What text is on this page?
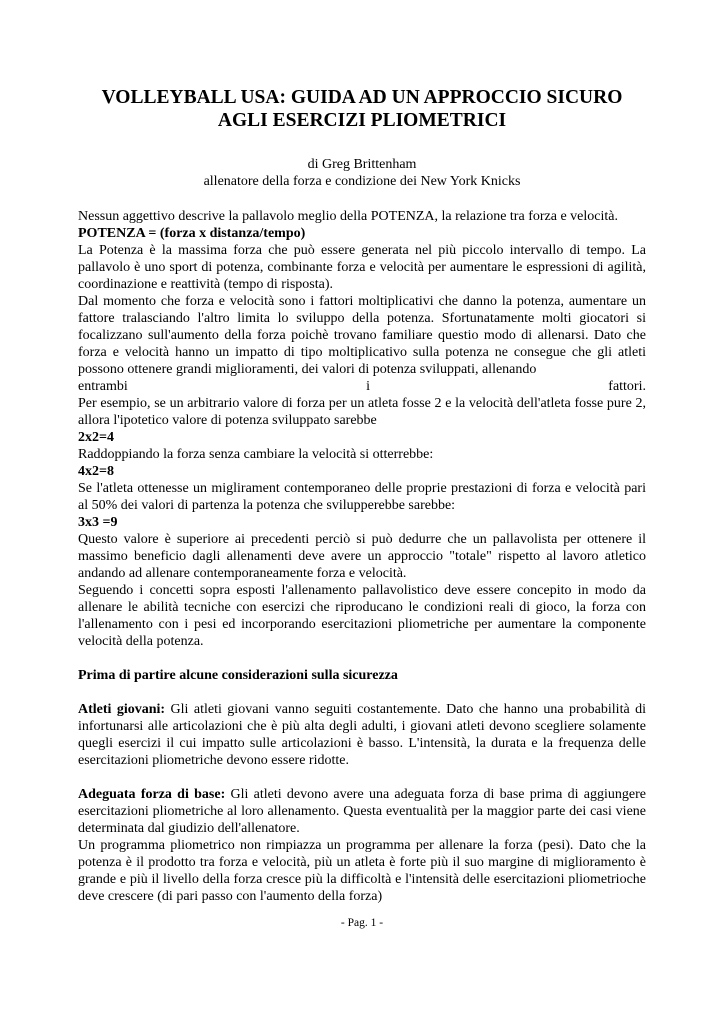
VOLLEYBALL USA: GUIDA AD UN APPROCCIO SICURO
AGLI ESERCIZI PLIOMETRICI
di Greg Brittenham
allenatore della forza e condizione dei New York Knicks

Nessun aggettivo descrive la pallavolo meglio della POTENZA, la relazione tra forza e velocità.

POTENZA = (forza x distanza/tempo)

La Potenza è la massima forza che può essere generata nel più piccolo intervallo di tempo. La pallavolo è uno sport di potenza, combinante forza e velocità per aumentare le espressioni di agilità, coordinazione e reattività (tempo di risposta).

Dal momento che forza e velocità sono i fattori moltiplicativi che danno la potenza, aumentare un fattore tralasciando l'altro limita lo sviluppo della potenza. Sfortunatamente molti giocatori si focalizzano sull'aumento della forza poichè trovano familiare questio modo di allenarsi. Dato che forza e velocità hanno un impatto di tipo moltiplicativo sulla potenza ne consegue che gli atleti possono ottenere grandi miglioramenti, dei valori di potenza sviluppati, allenando

entrambi	i	fattori.

Per esempio, se un arbitrario valore di forza per un atleta fosse 2 e la velocità dell'atleta fosse pure 2, allora l'ipotetico valore di potenza sviluppato sarebbe

2x2=4

Raddoppiando la forza senza cambiare la velocità si otterrebbe:

4x2=8

Se l'atleta ottenesse un miglirament contemporaneo delle proprie prestazioni di forza e velocità pari al 50% dei valori di partenza la potenza che svilupperebbe sarebbe:

3x3 =9

Questo valore è superiore ai precedenti perciò si può dedurre che un pallavolista per ottenere il massimo beneficio dagli allenamenti deve avere un approccio "totale" rispetto al lavoro atletico andando ad allenare contemporaneamente forza e velocità.

Seguendo i concetti sopra esposti l'allenamento pallavolistico deve essere concepito in modo da allenare le abilità tecniche con esercizi che riproducano le condizioni reali di gioco, la forza con l'allenamento con i pesi ed incorporando esercitazioni pliometriche per aumentare la componente velocità della potenza.

Prima di partire alcune considerazioni sulla sicurezza

Atleti giovani: Gli atleti giovani vanno seguiti costantemente. Dato che hanno una probabilità di infortunarsi alle articolazioni che è più alta degli adulti, i giovani atleti devono scegliere solamente quegli esercizi il cui impatto sulle articolazioni è basso. L'intensità, la durata e la frequenza delle esercitazioni pliometriche devono essere ridotte.

Adeguata forza di base: Gli atleti devono avere una adeguata forza di base prima di aggiungere esercitazioni pliometriche al loro allenamento. Questa eventualità per la maggior parte dei casi viene determinata dal giudizio dell'allenatore.

Un programma pliometrico non rimpiazza un programma per allenare la forza (pesi). Dato che la potenza è il prodotto tra forza e velocità, più un atleta è forte più il suo margine di miglioramento è grande e più il livello della forza cresce più la difficoltà e l'intensità delle esercitazioni pliometrioche deve crescere (di pari passo con l'aumento della forza)

- Pag. 1 -
